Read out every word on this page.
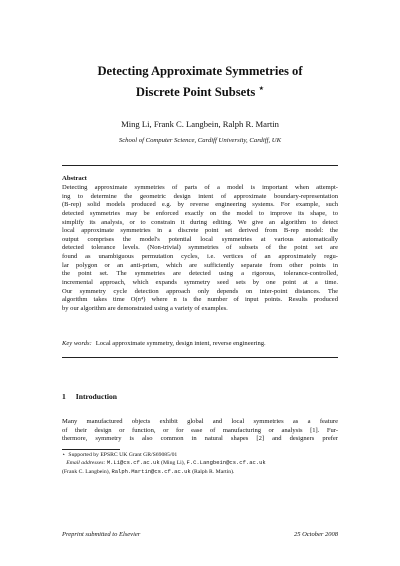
Detecting Approximate Symmetries of
Discrete Point Subsets ⋆
Ming Li, Frank C. Langbein, Ralph R. Martin
School of Computer Science, Cardiff University, Cardiff, UK
Abstract
Detecting approximate symmetries of parts of a model is important when attempt-
ing to determine the geometric design intent of approximate boundary-representation
(B-rep) solid models produced e.g. by reverse engineering systems. For example, such
detected symmetries may be enforced exactly on the model to improve its shape, to
simplify its analysis, or to constrain it during editing. We give an algorithm to detect
local approximate symmetries in a discrete point set derived from B-rep model: the
output comprises the model's potential local symmetries at various automatically
detected tolerance levels. (Non-trivial) symmetries of subsets of the point set are
found as unambiguous permutation cycles, i.e. vertices of an approximately regu-
lar polygon or an anti-prism, which are sufficiently separate from other points in
the point set. The symmetries are detected using a rigorous, tolerance-controlled,
incremental approach, which expands symmetry seed sets by one point at a time.
Our symmetry cycle detection approach only depends on inter-point distances. The
algorithm takes time O(n⁴) where n is the number of input points. Results produced
by our algorithm are demonstrated using a variety of examples.
Key words: Local approximate symmetry, design intent, reverse engineering.
1 Introduction
Many manufactured objects exhibit global and local symmetries as a feature
of their design or function, or for ease of manufacturing or analysis [1]. Fur-
thermore, symmetry is also common in natural shapes [2] and designers prefer
⋆ Supported by EPSRC UK Grant GR/S69085/01
Email addresses: M.Li@cs.cf.ac.uk (Ming Li), F.C.Langbein@cs.cf.ac.uk
(Frank C. Langbein), Ralph.Martin@cs.cf.ac.uk (Ralph R. Martin).
Preprint submitted to Elsevier	25 October 2008
